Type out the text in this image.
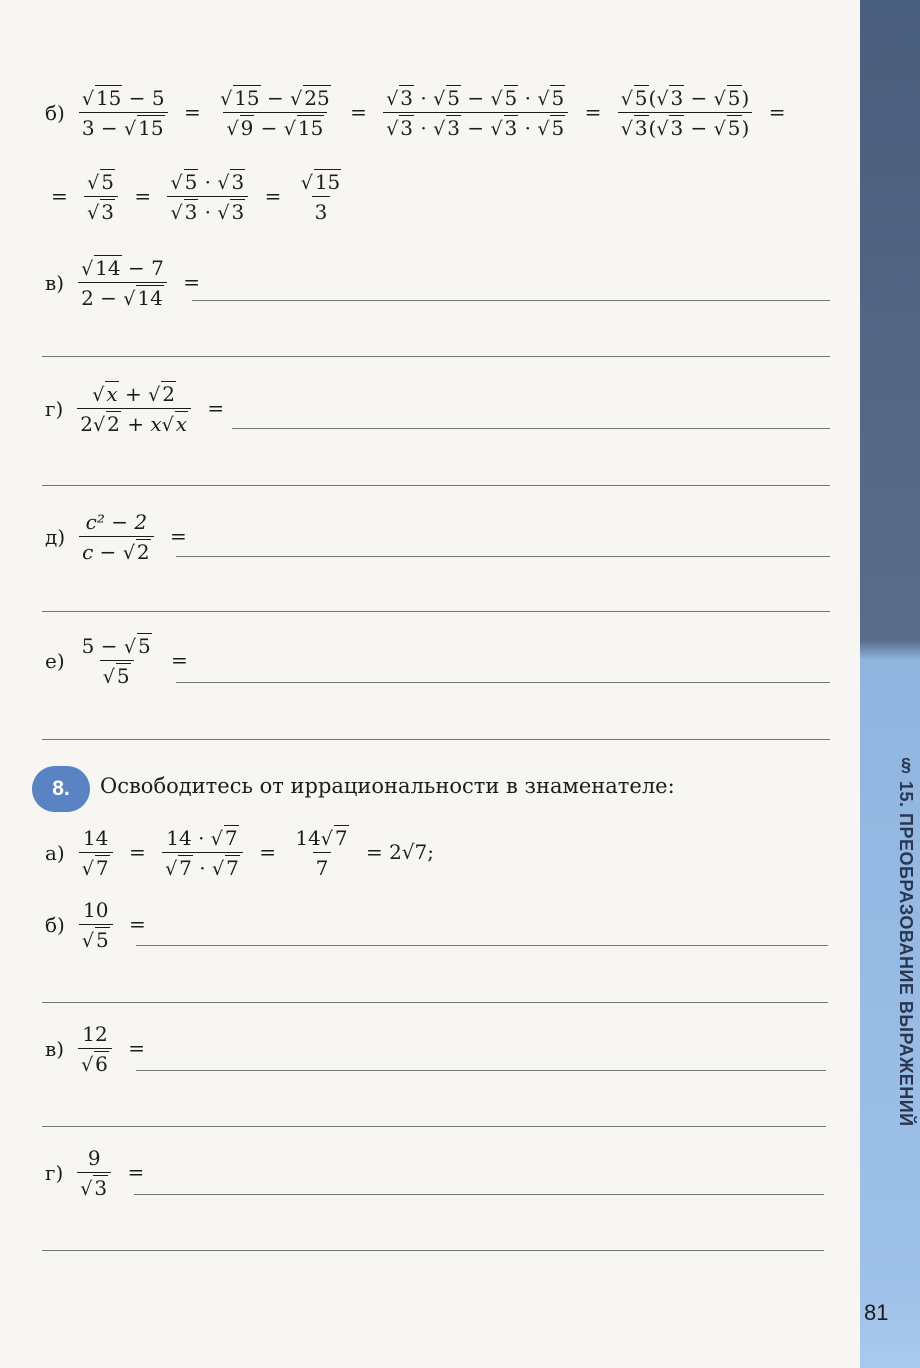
§ 15. ПРЕОБРАЗОВАНИЕ ВЫРАЖЕНИЙ
81
$б) \frac{√ 15 - 5}{3 - √ 15} = \frac{√ 15 - √ 25}{√ 9 - √ 15} = \frac{√ 3 \cdot √ 5 - √ 5 \cdot √ 5}{√ 3 \cdot √ 3 - √ 3 \cdot √ 5} = \frac{√ 5(√ 3 - √ 5)}{√ 3(√ 3 - √ 5)}$ =
= $\frac{√ 5}{√ 3} = \frac{√ 5 \cdot √ 3}{√ 3 \cdot √ 3} = \frac{√ 15}{3}$
$в) \frac{√ 14 - 7}{2 - √ 14}$ =
$г) \frac{√ x + √ 2}{2√ 2 + x√ x}$ =
$д) \frac{\text{c² − 2}}{c - √ 2}$ =
$е) \frac{5 - √ 5}{√ 5}$ =
8.	Освободитесь от иррациональности в знаменателе:
$а) \frac{14}{√ 7} = \frac{14 \cdot √ 7}{√ 7 \cdot √ 7} = \frac{14√ 7}{7} = 2√7$;
$б) \frac{10}{√ 5}$ =
$в) \frac{12}{√ 6}$ =
$г) \frac{9}{√ 3}$ =
